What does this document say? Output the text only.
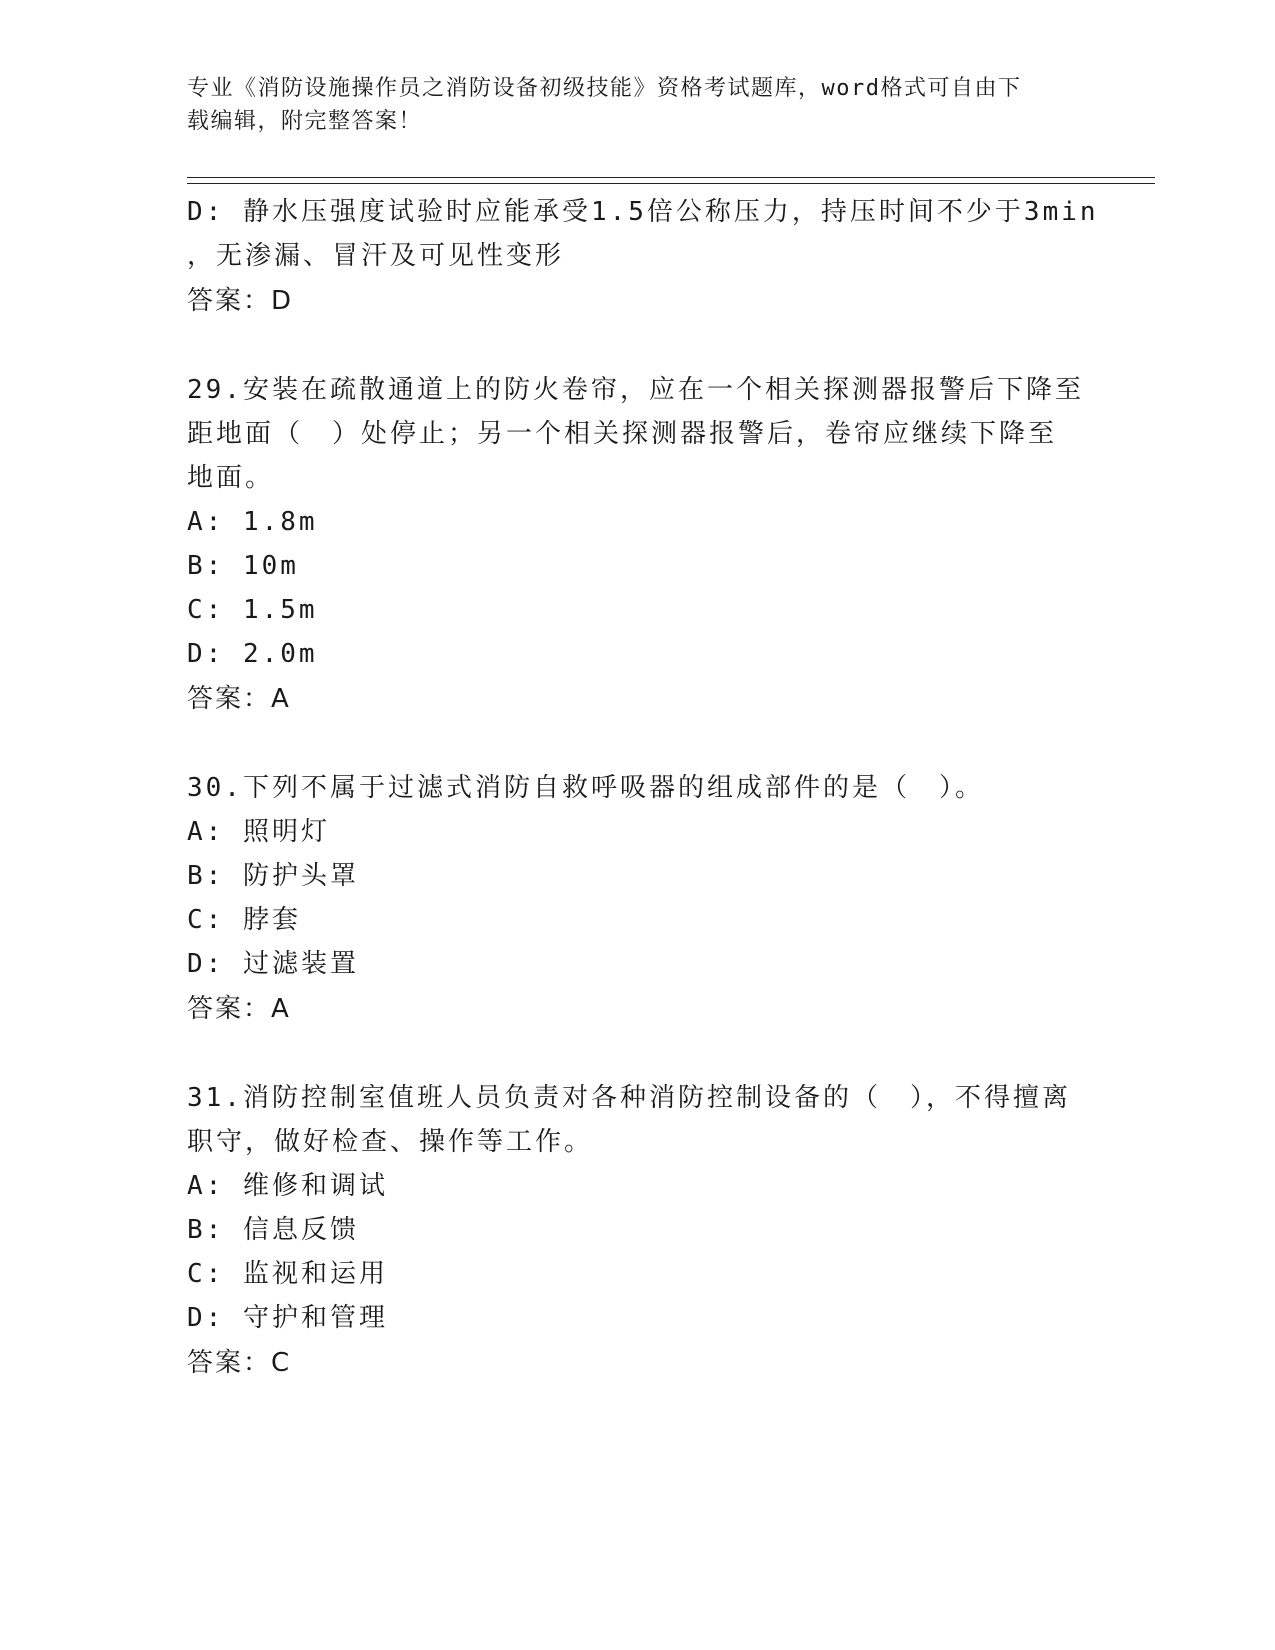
专业《消防设施操作员之消防设备初级技能》资格考试题库，word格式可自由下
载编辑，附完整答案！
D: 静水压强度试验时应能承受1.5倍公称压力，持压时间不少于3min
，无渗漏、冒汗及可见性变形
答案：D
29.安装在疏散通道上的防火卷帘，应在一个相关探测器报警后下降至
距地面（　）处停止；另一个相关探测器报警后，卷帘应继续下降至
地面。
A: 1.8m
B: 10m
C: 1.5m
D: 2.0m
答案：A
30.下列不属于过滤式消防自救呼吸器的组成部件的是（　）。
A: 照明灯
B: 防护头罩
C: 脖套
D: 过滤装置
答案：A
31.消防控制室值班人员负责对各种消防控制设备的（　），不得擅离
职守，做好检查、操作等工作。
A: 维修和调试
B: 信息反馈
C: 监视和运用
D: 守护和管理
答案：C
